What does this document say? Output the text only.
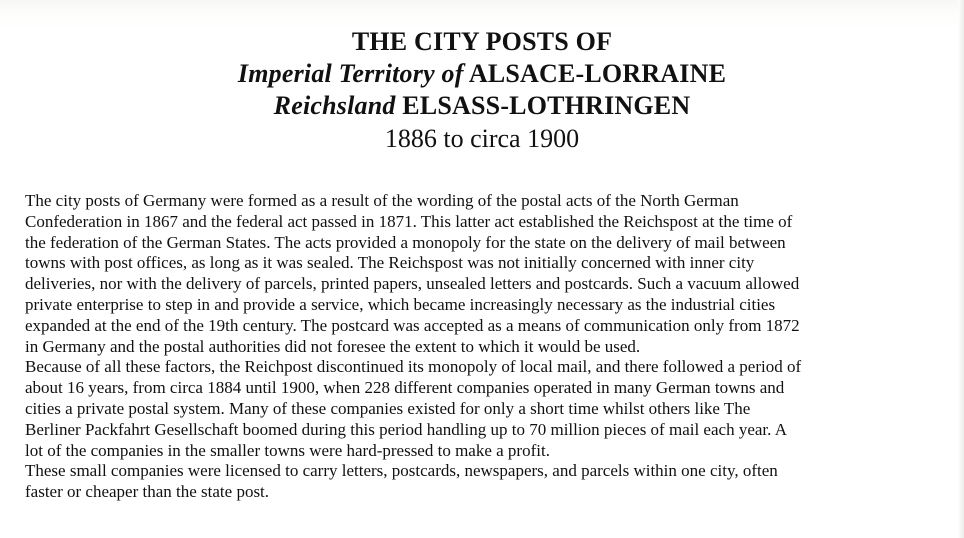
THE CITY POSTS OF
Imperial Territory of ALSACE-LORRAINE
Reichsland ELSASS-LOTHRINGEN
1886 to circa 1900

The city posts of Germany were formed as a result of the wording of the postal acts of the North German
Confederation in 1867 and the federal act passed in 1871. This latter act established the Reichspost at the time of
the federation of the German States. The acts provided a monopoly for the state on the delivery of mail between
towns with post offices, as long as it was sealed. The Reichspost was not initially concerned with inner city
deliveries, nor with the delivery of parcels, printed papers, unsealed letters and postcards. Such a vacuum allowed
private enterprise to step in and provide a service, which became increasingly necessary as the industrial cities
expanded at the end of the 19th century. The postcard was accepted as a means of communication only from 1872
in Germany and the postal authorities did not foresee the extent to which it would be used.

Because of all these factors, the Reichpost discontinued its monopoly of local mail, and there followed a period of
about 16 years, from circa 1884 until 1900, when 228 different companies operated in many German towns and
cities a private postal system. Many of these companies existed for only a short time whilst others like The
Berliner Packfahrt Gesellschaft boomed during this period handling up to 70 million pieces of mail each year. A
lot of the companies in the smaller towns were hard-pressed to make a profit.

These small companies were licensed to carry letters, postcards, newspapers, and parcels within one city, often
faster or cheaper than the state post.
